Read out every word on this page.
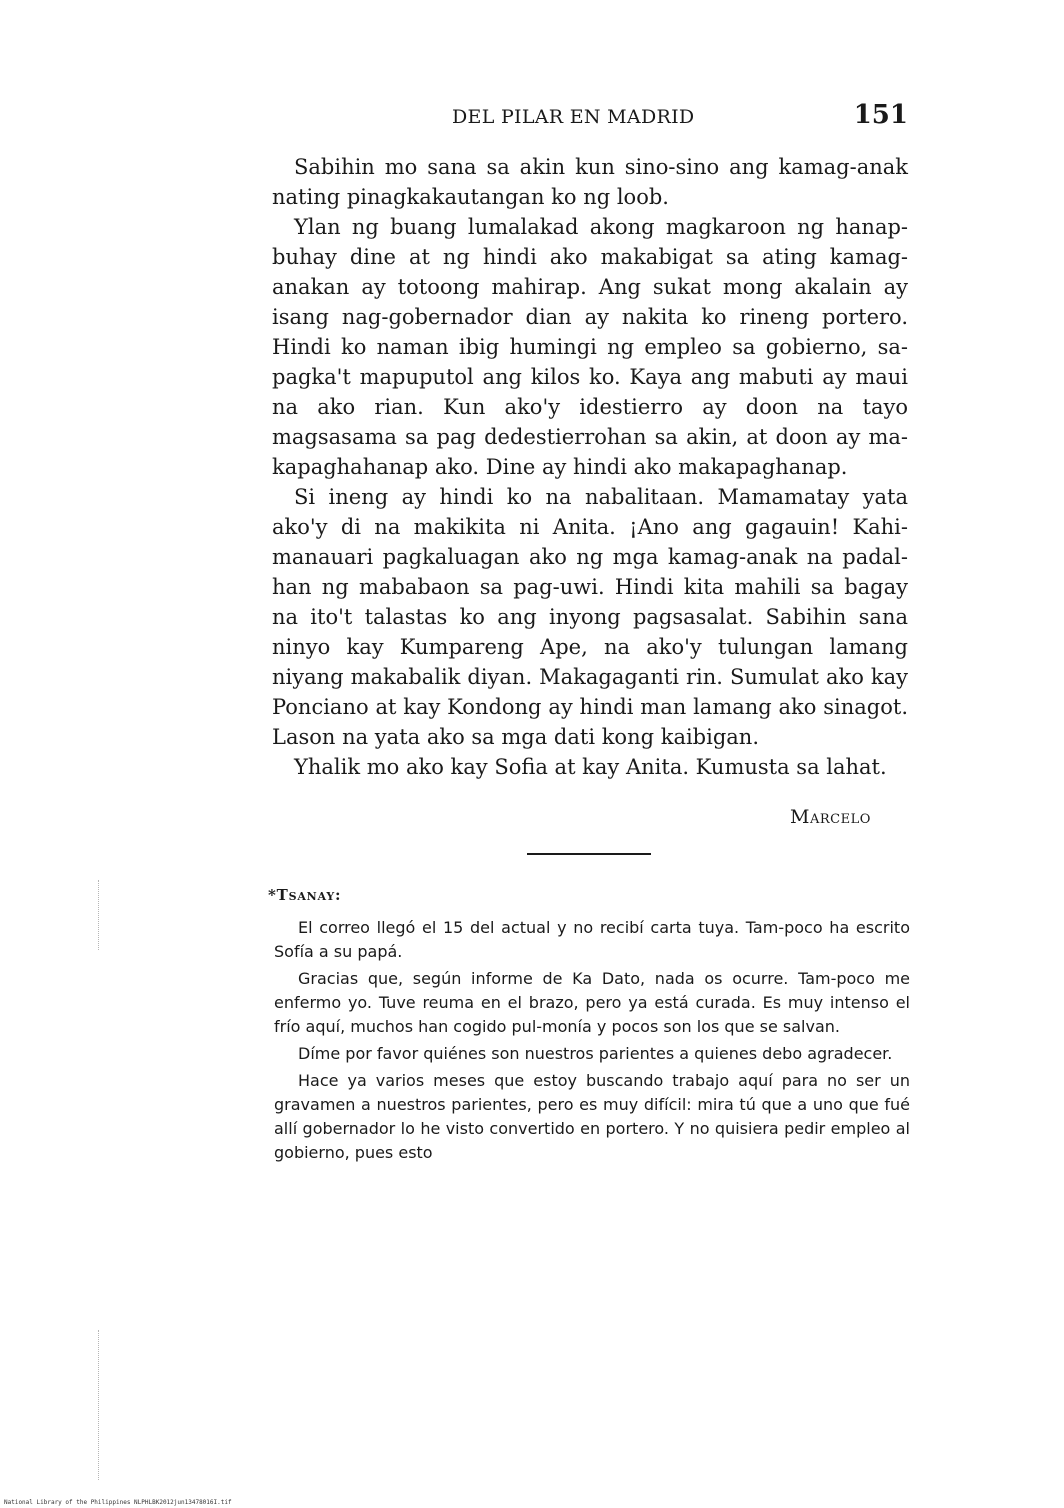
DEL PILAR EN MADRID	151

Sabihin mo sana sa akin kun sino-sino ang kamag-anak nating pinagkakautangan ko ng loob.

Ylan ng buang lumalakad akong magkaroon ng hanap-buhay dine at ng hindi ako makabigat sa ating kamag-anakan ay totoong mahirap. Ang sukat mong akalain ay isang nag-gobernador dian ay nakita ko rineng portero. Hindi ko naman ibig humingi ng empleo sa gobierno, sa-pagka't mapuputol ang kilos ko. Kaya ang mabuti ay maui na ako rian. Kun ako'y idestierro ay doon na tayo magsasama sa pag dedestierrohan sa akin, at doon ay ma-kapaghahanap ako. Dine ay hindi ako makapaghanap.

Si ineng ay hindi ko na nabalitaan. Mamamatay yata ako'y di na makikita ni Anita. ¡Ano ang gagauin! Kahi-manauari pagkaluagan ako ng mga kamag-anak na padal-han ng mababaon sa pag-uwi. Hindi kita mahili sa bagay na ito't talastas ko ang inyong pagsasalat. Sabihin sana ninyo kay Kumpareng Ape, na ako'y tulungan lamang niyang makabalik diyan. Makagaganti rin. Sumulat ako kay Ponciano at kay Kondong ay hindi man lamang ako sinagot. Lason na yata ako sa mga dati kong kaibigan.

Yhalik mo ako kay Sofia at kay Anita. Kumusta sa lahat.

Marcelo
*Tsanay:

El correo llegó el 15 del actual y no recibí carta tuya. Tam-poco ha escrito Sofía a su papá.

Gracias que, según informe de Ka Dato, nada os ocurre. Tam-poco me enfermo yo. Tuve reuma en el brazo, pero ya está curada. Es muy intenso el frío aquí, muchos han cogido pul-monía y pocos son los que se salvan.

Díme por favor quiénes son nuestros parientes a quienes debo agradecer.

Hace ya varios meses que estoy buscando trabajo aquí para no ser un gravamen a nuestros parientes, pero es muy difícil: mira tú que a uno que fué allí gobernador lo he visto convertido en portero. Y no quisiera pedir empleo al gobierno, pues esto

National Library of the Philippines NLPHLBK2012jun13478016I.tif
